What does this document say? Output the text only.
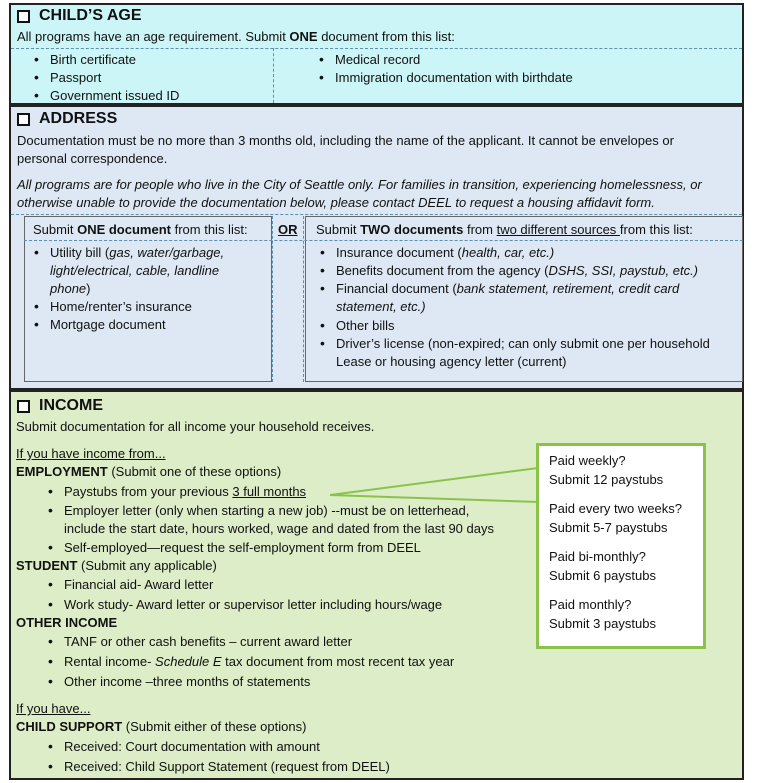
CHILD’S AGE
All programs have an age requirement. Submit ONE document from this list:
• Birth certificate
• Passport
• Government issued ID
• Medical record
• Immigration documentation with birthdate
ADDRESS
Documentation must be no more than 3 months old, including the name of the applicant. It cannot be envelopes or
personal correspondence.
All programs are for people who live in the City of Seattle only. For families in transition, experiencing homelessness, or
otherwise unable to provide the documentation below, please contact DEEL to request a housing affidavit form.
Submit ONE document from this list: OR Submit TWO documents from two different sources from this list:
• Utility bill (gas, water/garbage,
light/electrical, cable, landline
phone)
• Home/renter’s insurance
• Mortgage document
• Insurance document (health, car, etc.)
• Benefits document from the agency (DSHS, SSI, paystub, etc.)
• Financial document (bank statement, retirement, credit card
statement, etc.)
• Other bills
• Driver’s license (non-expired; can only submit one per household
Lease or housing agency letter (current)
INCOME
Submit documentation for all income your household receives.
If you have income from...
EMPLOYMENT (Submit one of these options)
• Paystubs from your previous 3 full months
• Employer letter (only when starting a new job) --must be on letterhead,
include the start date, hours worked, wage and dated from the last 90 days
• Self-employed—request the self-employment form from DEEL
STUDENT (Submit any applicable)
• Financial aid- Award letter
• Work study- Award letter or supervisor letter including hours/wage
OTHER INCOME
• TANF or other cash benefits – current award letter
• Rental income- Schedule E tax document from most recent tax year
• Other income –three months of statements
If you have...
CHILD SUPPORT (Submit either of these options)
• Received: Court documentation with amount
• Received: Child Support Statement (request from DEEL)
Paid weekly?
Submit 12 paystubs
Paid every two weeks?
Submit 5-7 paystubs
Paid bi-monthly?
Submit 6 paystubs
Paid monthly?
Submit 3 paystubs
